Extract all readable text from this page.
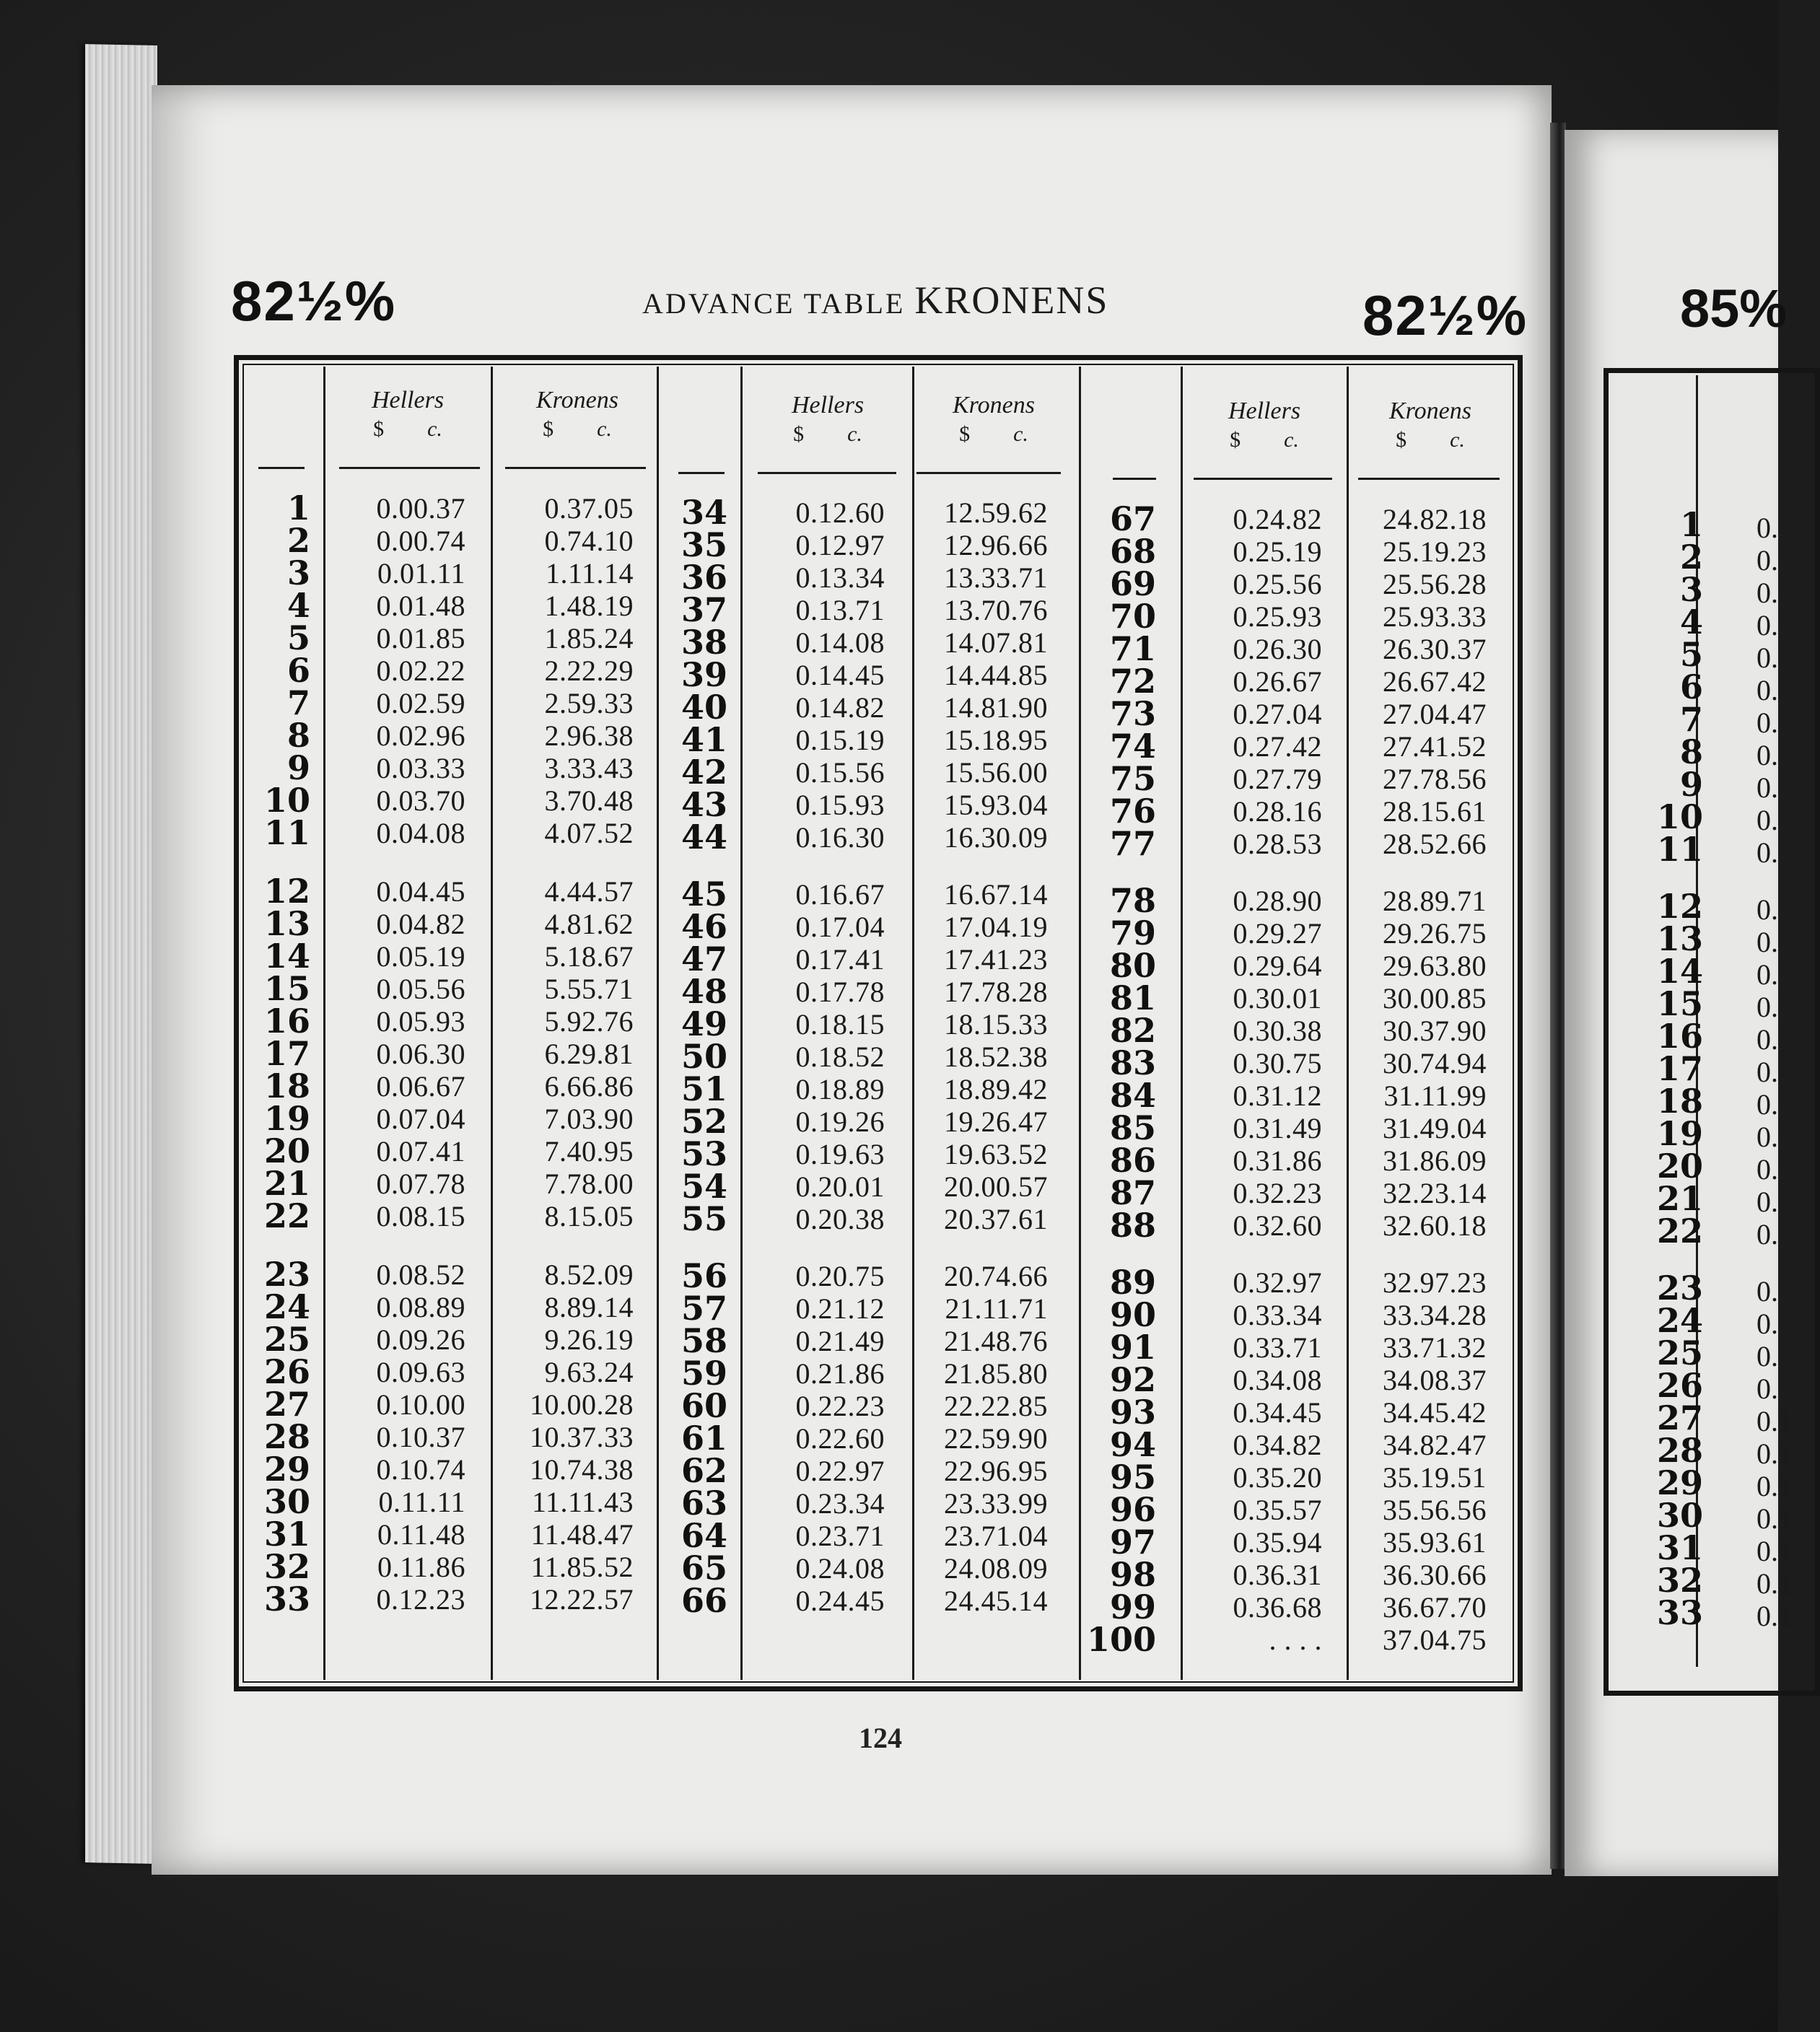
82½%	ADVANCE TABLE KRONENS	82½%
Hellers
$ c.
Kronens
$ c.
Hellers
$ c.
Kronens
$ c.
Hellers
$ c.
Kronens
$ c.
1	0.00.37	0.37.05
2	0.00.74	0.74.10
3	0.01.11	1.11.14
4	0.01.48	1.48.19
5	0.01.85	1.85.24
6	0.02.22	2.22.29
7	0.02.59	2.59.33
8	0.02.96	2.96.38
9	0.03.33	3.33.43
10	0.03.70	3.70.48
11	0.04.08	4.07.52
12	0.04.45	4.44.57
13	0.04.82	4.81.62
14	0.05.19	5.18.67
15	0.05.56	5.55.71
16	0.05.93	5.92.76
17	0.06.30	6.29.81
18	0.06.67	6.66.86
19	0.07.04	7.03.90
20	0.07.41	7.40.95
21	0.07.78	7.78.00
22	0.08.15	8.15.05
23	0.08.52	8.52.09
24	0.08.89	8.89.14
25	0.09.26	9.26.19
26	0.09.63	9.63.24
27	0.10.00	10.00.28
28	0.10.37	10.37.33
29	0.10.74	10.74.38
30	0.11.11	11.11.43
31	0.11.48	11.48.47
32	0.11.86	11.85.52
33	0.12.23	12.22.57
34	0.12.60	12.59.62
35	0.12.97	12.96.66
36	0.13.34	13.33.71
37	0.13.71	13.70.76
38	0.14.08	14.07.81
39	0.14.45	14.44.85
40	0.14.82	14.81.90
41	0.15.19	15.18.95
42	0.15.56	15.56.00
43	0.15.93	15.93.04
44	0.16.30	16.30.09
45	0.16.67	16.67.14
46	0.17.04	17.04.19
47	0.17.41	17.41.23
48	0.17.78	17.78.28
49	0.18.15	18.15.33
50	0.18.52	18.52.38
51	0.18.89	18.89.42
52	0.19.26	19.26.47
53	0.19.63	19.63.52
54	0.20.01	20.00.57
55	0.20.38	20.37.61
56	0.20.75	20.74.66
57	0.21.12	21.11.71
58	0.21.49	21.48.76
59	0.21.86	21.85.80
60	0.22.23	22.22.85
61	0.22.60	22.59.90
62	0.22.97	22.96.95
63	0.23.34	23.33.99
64	0.23.71	23.71.04
65	0.24.08	24.08.09
66	0.24.45	24.45.14
67	0.24.82	24.82.18
68	0.25.19	25.19.23
69	0.25.56	25.56.28
70	0.25.93	25.93.33
71	0.26.30	26.30.37
72	0.26.67	26.67.42
73	0.27.04	27.04.47
74	0.27.42	27.41.52
75	0.27.79	27.78.56
76	0.28.16	28.15.61
77	0.28.53	28.52.66
78	0.28.90	28.89.71
79	0.29.27	29.26.75
80	0.29.64	29.63.80
81	0.30.01	30.00.85
82	0.30.38	30.37.90
83	0.30.75	30.74.94
84	0.31.12	31.11.99
85	0.31.49	31.49.04
86	0.31.86	31.86.09
87	0.32.23	32.23.14
88	0.32.60	32.60.18
89	0.32.97	32.97.23
90	0.33.34	33.34.28
91	0.33.71	33.71.32
92	0.34.08	34.08.37
93	0.34.45	34.45.42
94	0.34.82	34.82.47
95	0.35.20	35.19.51
96	0.35.57	35.56.56
97	0.35.94	35.93.61
98	0.36.31	36.30.66
99	0.36.68	36.67.70
100	. . . .	37.04.75
124
85%
1 0.
2 0.
3 0.
4 0.
5 0.
6 0.
7 0.
8 0.
9 0.
10 0.
11 0.
12 0.
13 0.
14 0.
15 0.
16 0.
17 0.
18 0.
19 0.
20 0.
21 0.
22 0.
23 0.
24 0.
25 0.
26 0.
27 0.1
28 0.1
29 0.1
30 0.1
31 0.1
32 0.1
33 0.1
